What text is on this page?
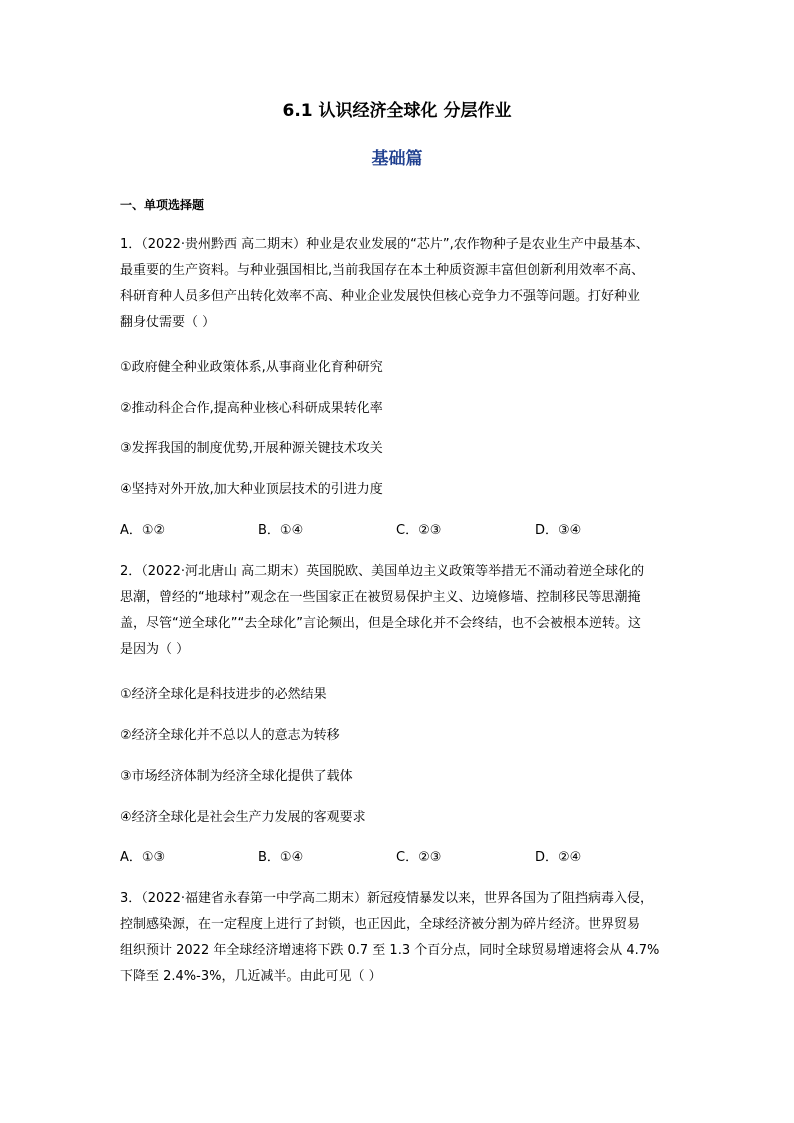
6.1 认识经济全球化 分层作业
基础篇
一、单项选择题
1．（2022·贵州黔西 高二期末）种业是农业发展的“芯片”,农作物种子是农业生产中最基本、
最重要的生产资料。与种业强国相比,当前我国存在本土种质资源丰富但创新利用效率不高、
科研育种人员多但产出转化效率不高、种业企业发展快但核心竞争力不强等问题。打好种业
翻身仗需要（ ）
①政府健全种业政策体系,从事商业化育种研究
②推动科企合作,提高种业核心科研成果转化率
③发挥我国的制度优势,开展种源关键技术攻关
④坚持对外开放,加大种业顶层技术的引进力度
A．①②	B．①④	C．②③	D．③④
2．（2022·河北唐山 高二期末）英国脱欧、美国单边主义政策等举措无不涌动着逆全球化的
思潮，曾经的“地球村”观念在一些国家正在被贸易保护主义、边境修墙、控制移民等思潮掩
盖，尽管“逆全球化”“去全球化”言论频出，但是全球化并不会终结，也不会被根本逆转。这
是因为（ ）
①经济全球化是科技进步的必然结果
②经济全球化并不总以人的意志为转移
③市场经济体制为经济全球化提供了载体
④经济全球化是社会生产力发展的客观要求
A．①③	B．①④	C．②③	D．②④
3．（2022·福建省永春第一中学高二期末）新冠疫情暴发以来，世界各国为了阻挡病毒入侵，
控制感染源，在一定程度上进行了封锁，也正因此，全球经济被分割为碎片经济。世界贸易
组织预计 2022 年全球经济增速将下跌 0.7 至 1.3 个百分点，同时全球贸易增速将会从 4.7%
下降至 2.4%-3%，几近减半。由此可见（ ）
